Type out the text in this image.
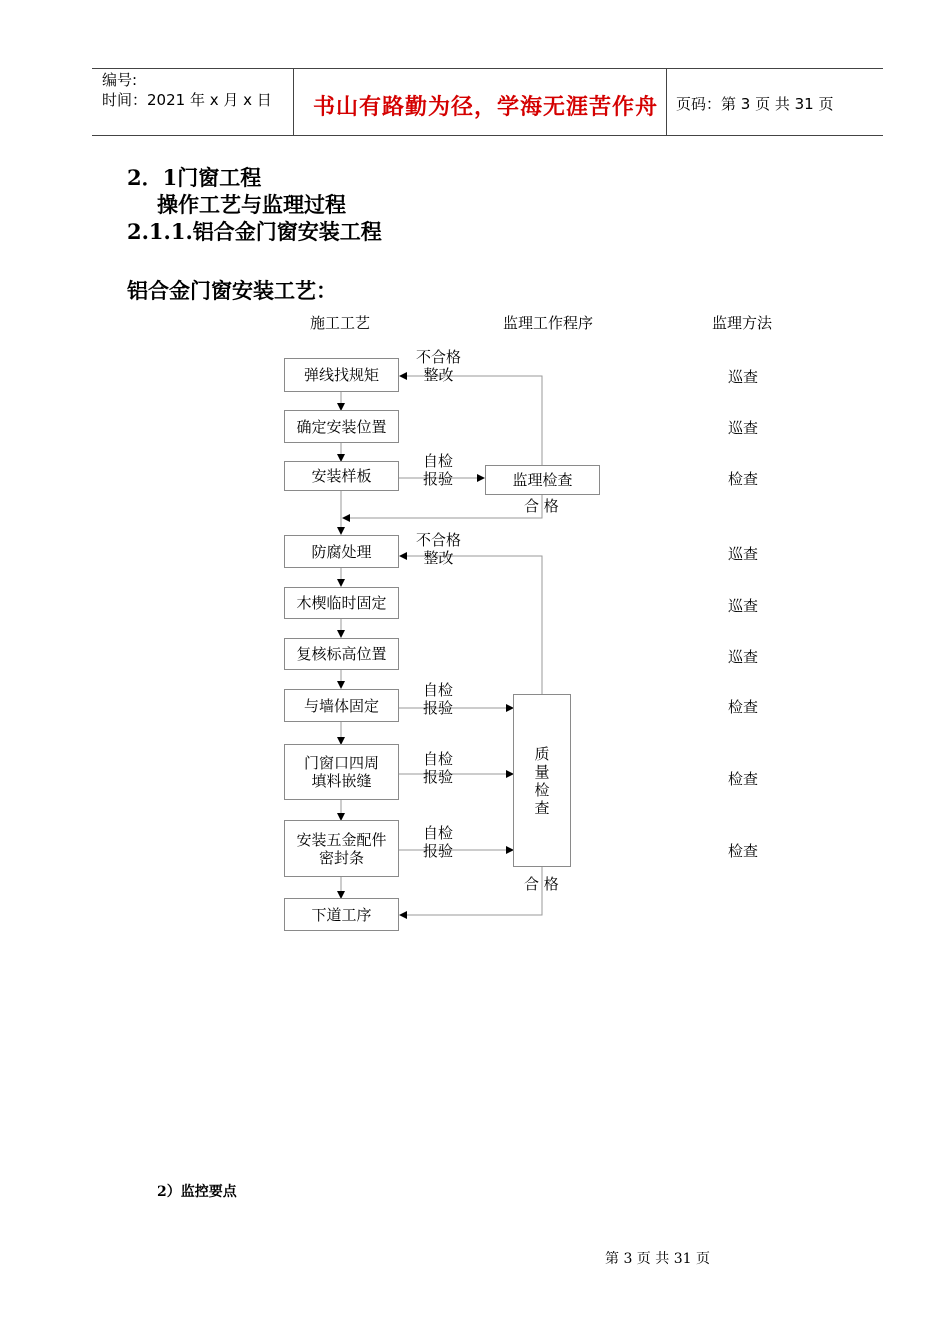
编号:
时间：2021 年 x 月 x 日 书山有路勤为径，学海无涯苦作舟 页码：第 3 页 共 31 页
2．1门窗工程
操作工艺与监理过程
2.1.1.铝合金门窗安装工程
铝合金门窗安装工艺：
施工工艺	监理工作程序	监理方法
弹线找规矩
确定安装位置
安装样板
防腐处理
木楔临时固定
复核标高位置
与墙体固定
门窗口四周
填料嵌缝
安装五金配件
密封条
下道工序
监理检查
质
量
检
查
不合格
整改
自检
报验
合 格
不合格
整改
自检
报验
自检
报验
自检
报验
合 格
巡查
巡查
检查
巡查
巡查
巡查
检查
检查
检查
2）监控要点
第 3 页 共 31 页
